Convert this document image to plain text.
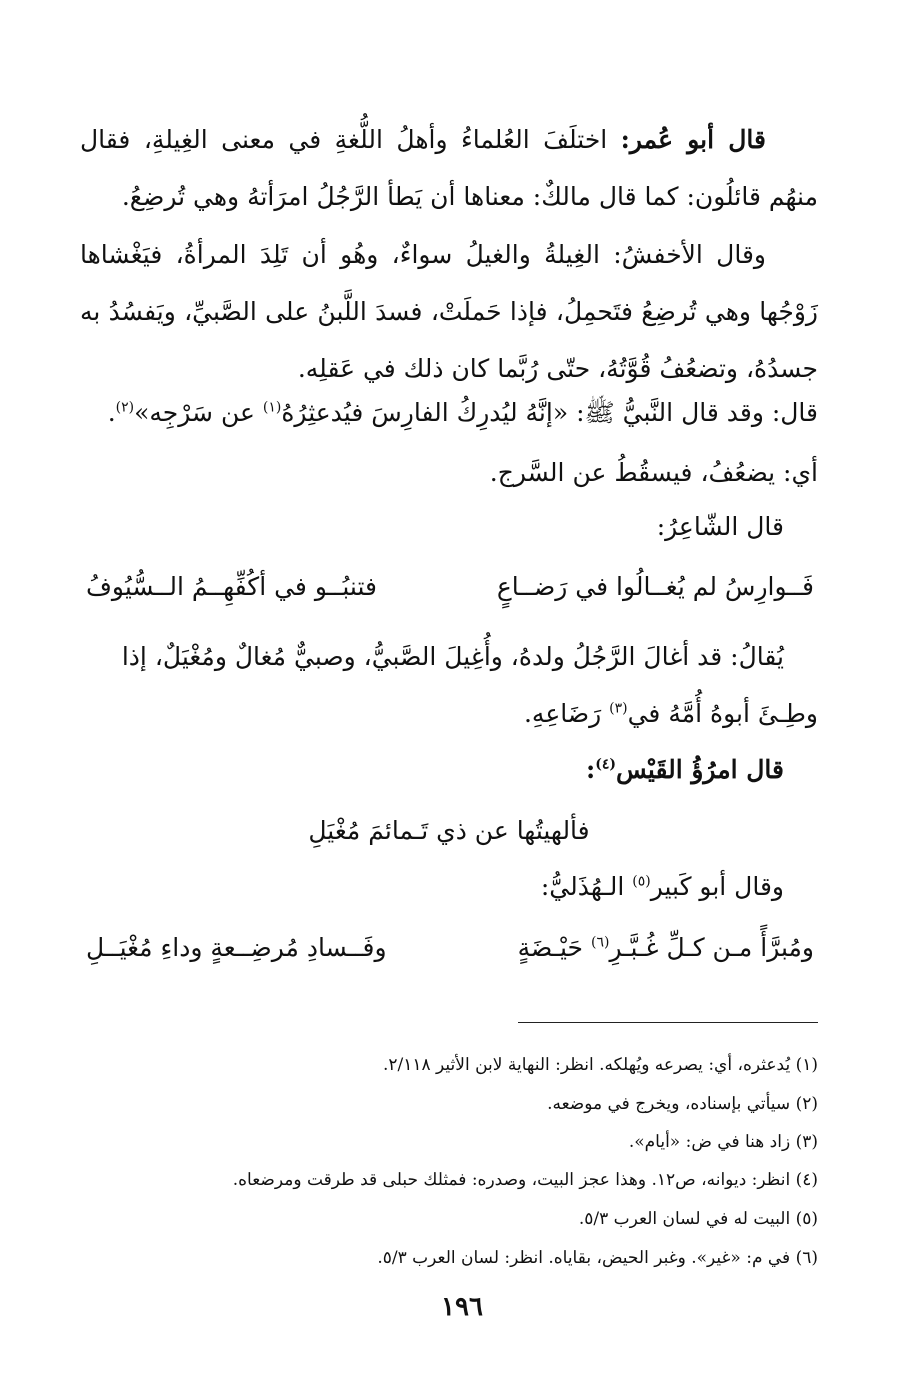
قال أبو عُمر: اختلَفَ العُلماءُ وأهلُ اللُّغةِ في معنى الغِيلةِ، فقال منهُم قائلُون: كما قال مالكٌ: معناها أن يَطأ الرَّجُلُ امرَأتهُ وهي تُرضِعُ.

وقال الأخفشُ: الغِيلةُ والغيلُ سواءٌ، وهُو أن تَلِدَ المرأةُ، فيَغْشاها زَوْجُها وهي تُرضِعُ فتَحمِلُ، فإذا حَملَتْ، فسدَ اللَّبنُ على الصَّبيِّ، ويَفسُدُ به جسدُهُ، وتضعُفُ قُوَّتُهُ، حتّى رُبَّما كان ذلك في عَقلِه.

قال: وقد قال النَّبيُّ ﷺ: «إنَّهُ ليُدرِكُ الفارِسَ فيُدعثِرُهُ$^{(١)}$ عن سَرْجِه»$^{(٢)}$.
أي: يضعُفُ، فيسقُطُ عن السَّرج.
قال الشّاعِرُ:
فَــوارِسُ لم يُغــالُوا في رَضــاعٍ
فتنبُــو في أكُفِّهِــمُ الــسُّيُوفُ
يُقالُ: قد أغالَ الرَّجُلُ ولدهُ، وأُغِيلَ الصَّبيُّ، وصبيٌّ مُغالٌ ومُغْيَلٌ، إذا
وطِـئَ أبوهُ أُمَّهُ في$^{(٣)}$ رَضَاعِهِ.
قال امرُؤُ القَيْس$^{(٤)}$:
فألهيتُها عن ذي تَـمائمَ مُغْيَلِ
وقال أبو كَبير$^{(٥)}$ الـهُذَليُّ:
ومُبرَّأً مـن كـلِّ غُـبَّـرِ$^{(٦)}$ حَيْـضَةٍ
وفَــسادِ مُرضِــعةٍ وداءِ مُغْيَــلِ
(١) يُدعثره، أي: يصرعه ويُهلكه. انظر: النهاية لابن الأثير ٢/١١٨.
(٢) سيأتي بإسناده، ويخرج في موضعه.
(٣) زاد هنا في ض: «أيام».
(٤) انظر: ديوانه، ص١٢. وهذا عجز البيت، وصدره: فمثلك حبلى قد طرقت ومرضعاه.
(٥) البيت له في لسان العرب ٥/٣.
(٦) في م: «غير». وغبر الحيض، بقاياه. انظر: لسان العرب ٥/٣.
١٩٦
